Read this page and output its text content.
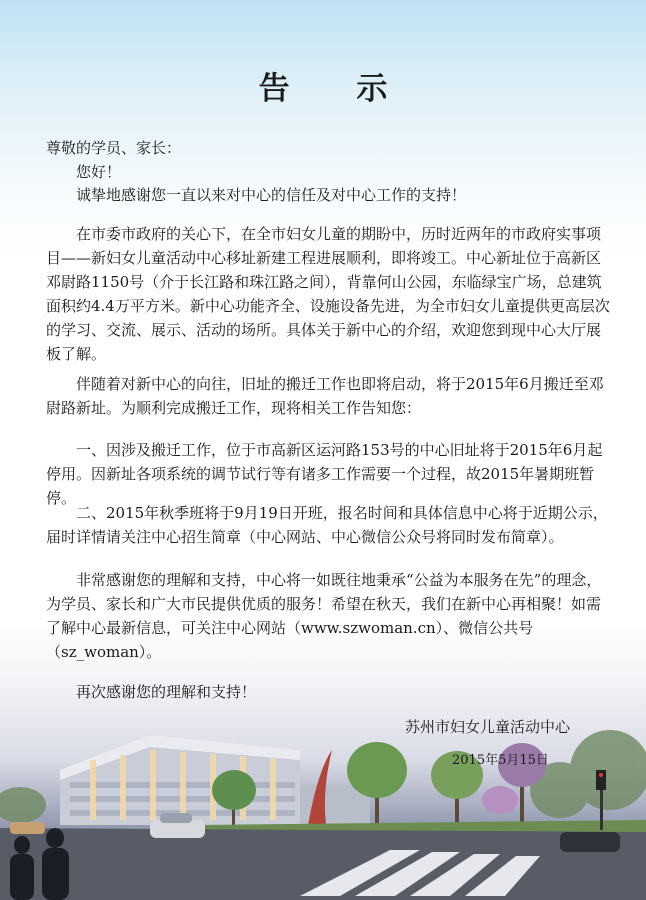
告 示
尊敬的学员、家长：
您好！
诚挚地感谢您一直以来对中心的信任及对中心工作的支持！
在市委市政府的关心下，在全市妇女儿童的期盼中，历时近两年的市政府实事项目——新妇女儿童活动中心移址新建工程进展顺利，即将竣工。中心新址位于高新区邓尉路1150号（介于长江路和珠江路之间），背靠何山公园，东临绿宝广场，总建筑面积约4.4万平方米。新中心功能齐全、设施设备先进，为全市妇女儿童提供更高层次的学习、交流、展示、活动的场所。具体关于新中心的介绍，欢迎您到现中心大厅展板了解。
伴随着对新中心的向往，旧址的搬迁工作也即将启动，将于2015年6月搬迁至邓尉路新址。为顺利完成搬迁工作，现将相关工作告知您：
一、因涉及搬迁工作，位于市高新区运河路153号的中心旧址将于2015年6月起停用。因新址各项系统的调节试行等有诸多工作需要一个过程，故2015年暑期班暂停。
二、2015年秋季班将于9月19日开班，报名时间和具体信息中心将于近期公示，届时详情请关注中心招生简章（中心网站、中心微信公众号将同时发布简章）。
非常感谢您的理解和支持，中心将一如既往地秉承“公益为本服务在先”的理念，为学员、家长和广大市民提供优质的服务！希望在秋天，我们在新中心再相聚！如需了解中心最新信息，可关注中心网站（www.szwoman.cn）、微信公共号（sz_woman）。
再次感谢您的理解和支持！
苏州市妇女儿童活动中心
2015年5月15日
